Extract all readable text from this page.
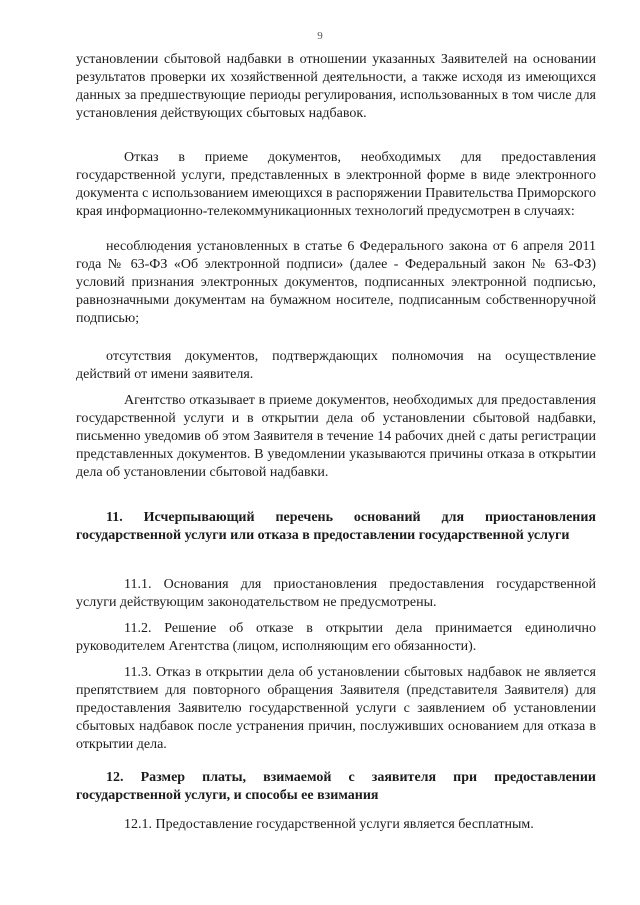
9

установлении сбытовой надбавки в отношении указанных Заявителей на основании результатов проверки их хозяйственной деятельности, а также исходя из имеющихся данных за предшествующие периоды регулирования, использованных в том числе для установления действующих сбытовых надбавок.

Отказ в приеме документов, необходимых для предоставления государственной услуги, представленных в электронной форме в виде электронного документа с использованием имеющихся в распоряжении Правительства Приморского края информационно-телекоммуникационных технологий предусмотрен в случаях:

несоблюдения установленных в статье 6 Федерального закона от 6 апреля 2011 года № 63-ФЗ «Об электронной подписи» (далее - Федеральный закон № 63-ФЗ) условий признания электронных документов, подписанных электронной подписью, равнозначными документам на бумажном носителе, подписанным собственноручной подписью;

отсутствия документов, подтверждающих полномочия на осуществление действий от имени заявителя.

Агентство отказывает в приеме документов, необходимых для предоставления государственной услуги и в открытии дела об установлении сбытовой надбавки, письменно уведомив об этом Заявителя в течение 14 рабочих дней с даты регистрации представленных документов. В уведомлении указываются причины отказа в открытии дела об установлении сбытовой надбавки.

11. Исчерпывающий перечень оснований для приостановления государственной услуги или отказа в предоставлении государственной услуги

11.1. Основания для приостановления предоставления государственной услуги действующим законодательством не предусмотрены.

11.2. Решение об отказе в открытии дела принимается единолично руководителем Агентства (лицом, исполняющим его обязанности).

11.3. Отказ в открытии дела об установлении сбытовых надбавок не является препятствием для повторного обращения Заявителя (представителя Заявителя) для предоставления Заявителю государственной услуги с заявлением об установлении сбытовых надбавок после устранения причин, послуживших основанием для отказа в открытии дела.

12. Размер платы, взимаемой с заявителя при предоставлении государственной услуги, и способы ее взимания

12.1. Предоставление государственной услуги является бесплатным.
